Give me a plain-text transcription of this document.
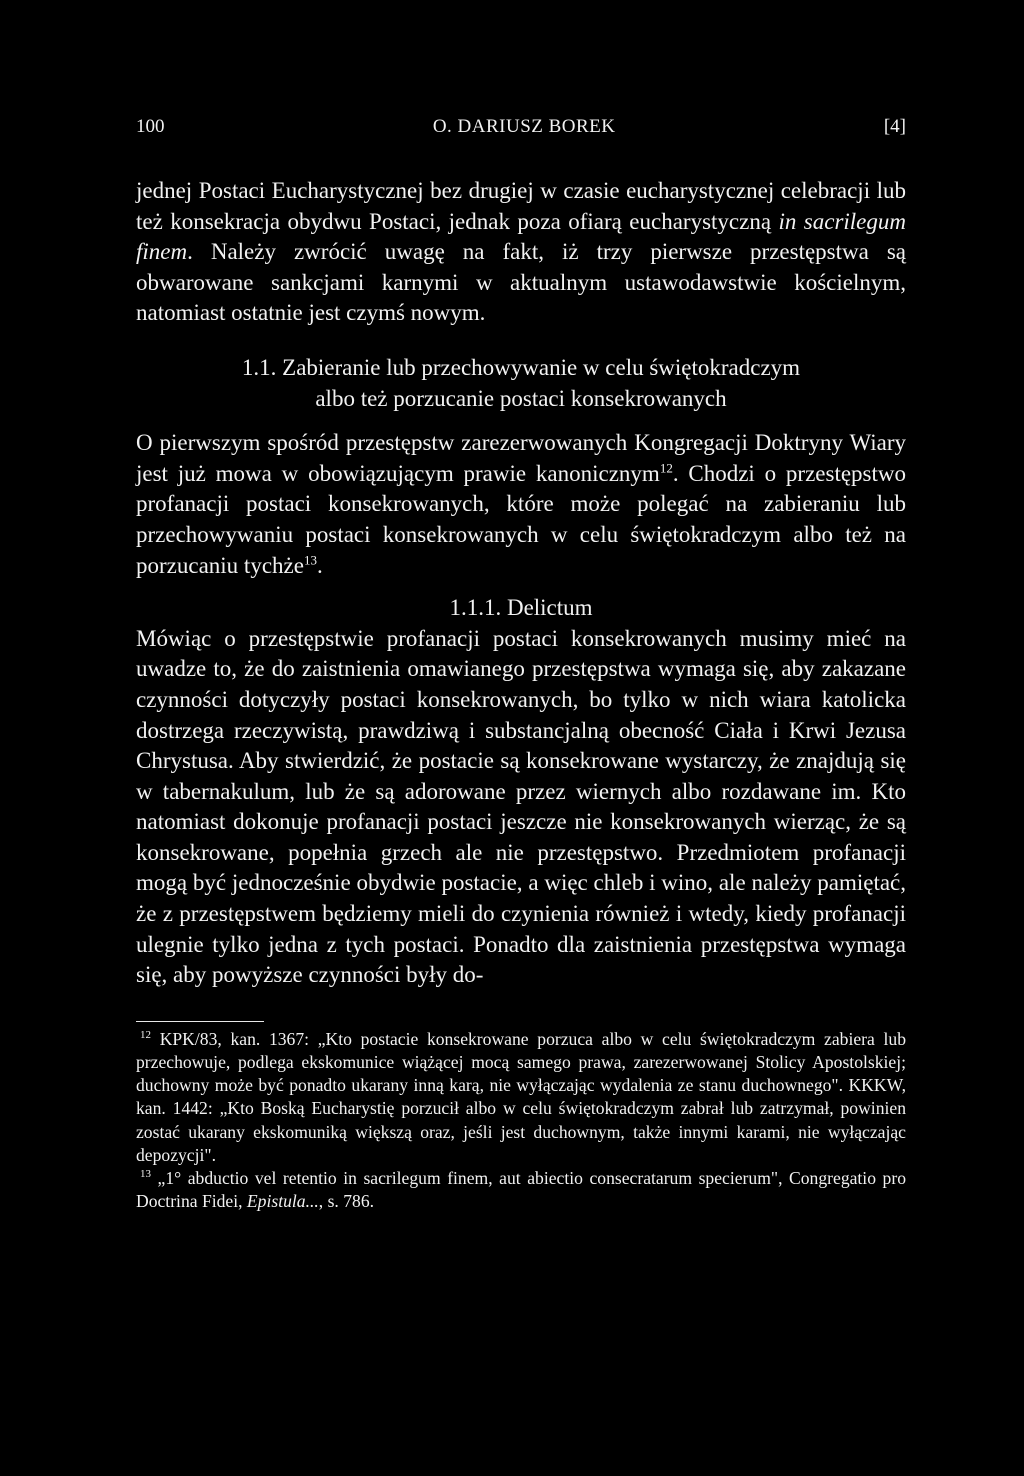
100	O. DARIUSZ BOREK	[4]

jednej Postaci Eucharystycznej bez drugiej w czasie eucharystycznej celebracji lub też konsekracja obydwu Postaci, jednak poza ofiarą eucharystyczną in sacrilegum finem. Należy zwrócić uwagę na fakt, iż trzy pierwsze przestępstwa są obwarowane sankcjami karnymi w aktualnym ustawodawstwie kościelnym, natomiast ostatnie jest czymś nowym.

1.1. Zabieranie lub przechowywanie w celu świętokradczym
albo też porzucanie postaci konsekrowanych

O pierwszym spośród przestępstw zarezerwowanych Kongregacji Doktryny Wiary jest już mowa w obowiązującym prawie kanonicznym$^{12}$. Chodzi o przestępstwo profanacji postaci konsekrowanych, które może polegać na zabieraniu lub przechowywaniu postaci konsekrowanych w celu świętokradczym albo też na porzucaniu tychże$^{13}$.

1.1.1. Delictum

Mówiąc o przestępstwie profanacji postaci konsekrowanych musimy mieć na uwadze to, że do zaistnienia omawianego przestępstwa wymaga się, aby zakazane czynności dotyczyły postaci konsekrowanych, bo tylko w nich wiara katolicka dostrzega rzeczywistą, prawdziwą i substancjalną obecność Ciała i Krwi Jezusa Chrystusa. Aby stwierdzić, że postacie są konsekrowane wystarczy, że znajdują się w tabernakulum, lub że są adorowane przez wiernych albo rozdawane im. Kto natomiast dokonuje profanacji postaci jeszcze nie konsekrowanych wierząc, że są konsekrowane, popełnia grzech ale nie przestępstwo. Przedmiotem profanacji mogą być jednocześnie obydwie postacie, a więc chleb i wino, ale należy pamiętać, że z przestępstwem będziemy mieli do czynienia również i wtedy, kiedy profanacji ulegnie tylko jedna z tych postaci. Ponadto dla zaistnienia przestępstwa wymaga się, aby powyższe czynności były do-

$^{12}$ KPK/83, kan. 1367: „Kto postacie konsekrowane porzuca albo w celu świętokradczym zabiera lub przechowuje, podlega ekskomunice wiążącej mocą samego prawa, zarezerwowanej Stolicy Apostolskiej; duchowny może być ponadto ukarany inną karą, nie wyłączając wydalenia ze stanu duchownego". KKKW, kan. 1442: „Kto Boską Eucharystię porzucił albo w celu świętokradczym zabrał lub zatrzymał, powinien zostać ukarany ekskomuniką większą oraz, jeśli jest duchownym, także innymi karami, nie wyłączając depozycji".

$^{13}$ „1° abductio vel retentio in sacrilegum finem, aut abiectio consecratarum specierum", Congregatio pro Doctrina Fidei, Epistula..., s. 786.
